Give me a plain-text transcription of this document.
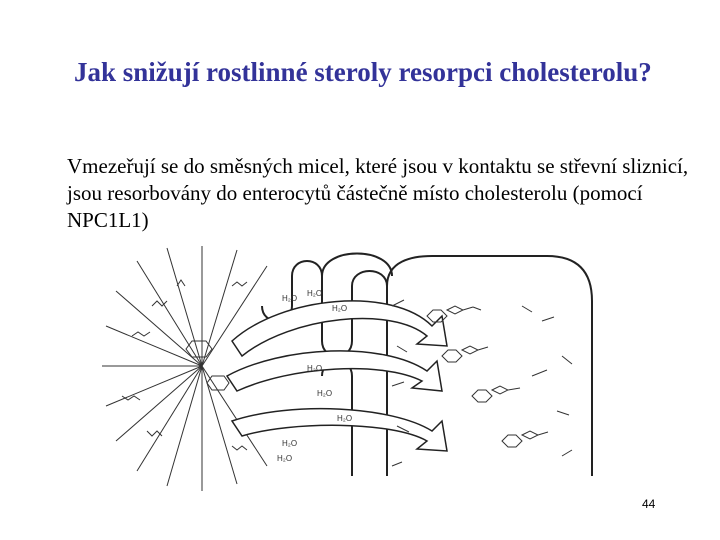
Jak snižují rostlinné steroly resorpci cholesterolu?
Vmezeřují se do směsných micel, které jsou v kontaktu se střevní sliznicí, jsou resorbovány do enterocytů částečně místo cholesterolu (pomocí NPC1L1)
H₂O
H₂O
H₂O
H₂O
H₂O
H₂O
H₂O
H₂O
44
